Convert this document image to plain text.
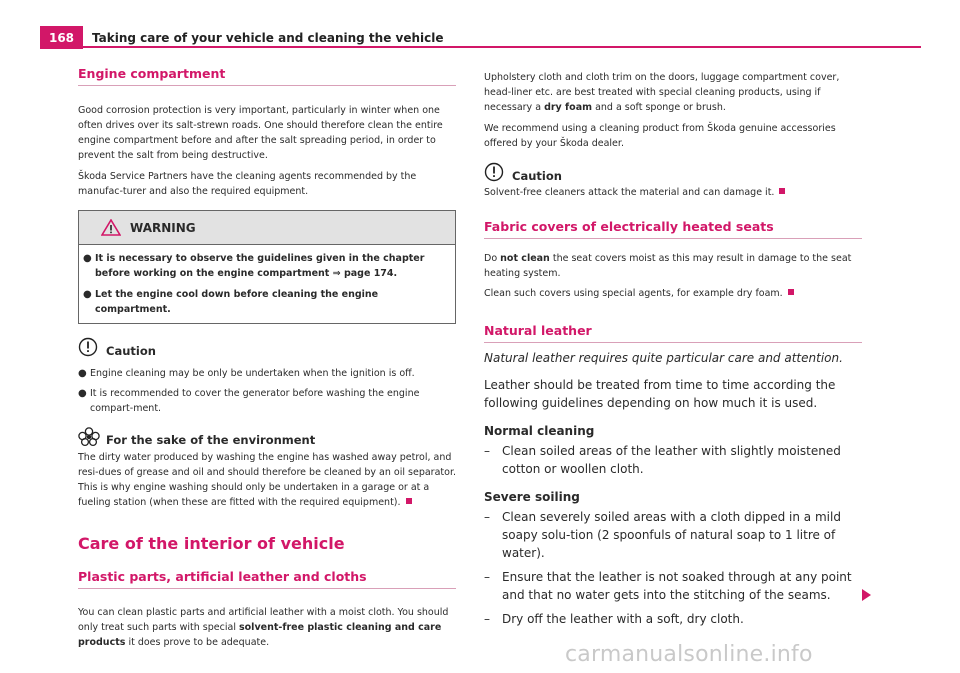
168	Taking care of your vehicle and cleaning the vehicle
Engine compartment

Good corrosion protection is very important, particularly in winter when one often drives over its salt-strewn roads. One should therefore clean the entire engine compartment before and after the salt spreading period, in order to prevent the salt from being destructive.

Škoda Service Partners have the cleaning agents recommended by the manufac-turer and also the required equipment.

WARNING
● It is necessary to observe the guidelines given in the chapter before working on the engine compartment ⇒ page 174.
● Let the engine cool down before cleaning the engine compartment.
Caution
● Engine cleaning may be only be undertaken when the ignition is off.
● It is recommended to cover the generator before washing the engine compart-ment.
For the sake of the environment

The dirty water produced by washing the engine has washed away petrol, and resi-dues of grease and oil and should therefore be cleaned by an oil separator. This is why engine washing should only be undertaken in a garage or at a fueling station (when these are fitted with the required equipment).

Care of the interior of vehicle
Plastic parts, artificial leather and cloths

You can clean plastic parts and artificial leather with a moist cloth. You should only treat such parts with special solvent-free plastic cleaning and care products it does prove to be adequate.

Upholstery cloth and cloth trim on the doors, luggage compartment cover, head-liner etc. are best treated with special cleaning products, using if necessary a dry foam and a soft sponge or brush.

We recommend using a cleaning product from Škoda genuine accessories offered by your Škoda dealer.

Caution

Solvent-free cleaners attack the material and can damage it.

Fabric covers of electrically heated seats

Do not clean the seat covers moist as this may result in damage to the seat heating system.

Clean such covers using special agents, for example dry foam.

Natural leather

Natural leather requires quite particular care and attention.

Leather should be treated from time to time according the following guidelines depending on how much it is used.

Normal cleaning

–	Clean soiled areas of the leather with slightly moistened cotton or woollen cloth.

Severe soiling

–	Clean severely soiled areas with a cloth dipped in a mild soapy solu-tion (2 spoonfuls of natural soap to 1 litre of water).
–	Ensure that the leather is not soaked through at any point and that no water gets into the stitching of the seams.
–	Dry off the leather with a soft, dry cloth.
carmanualsonline.info
